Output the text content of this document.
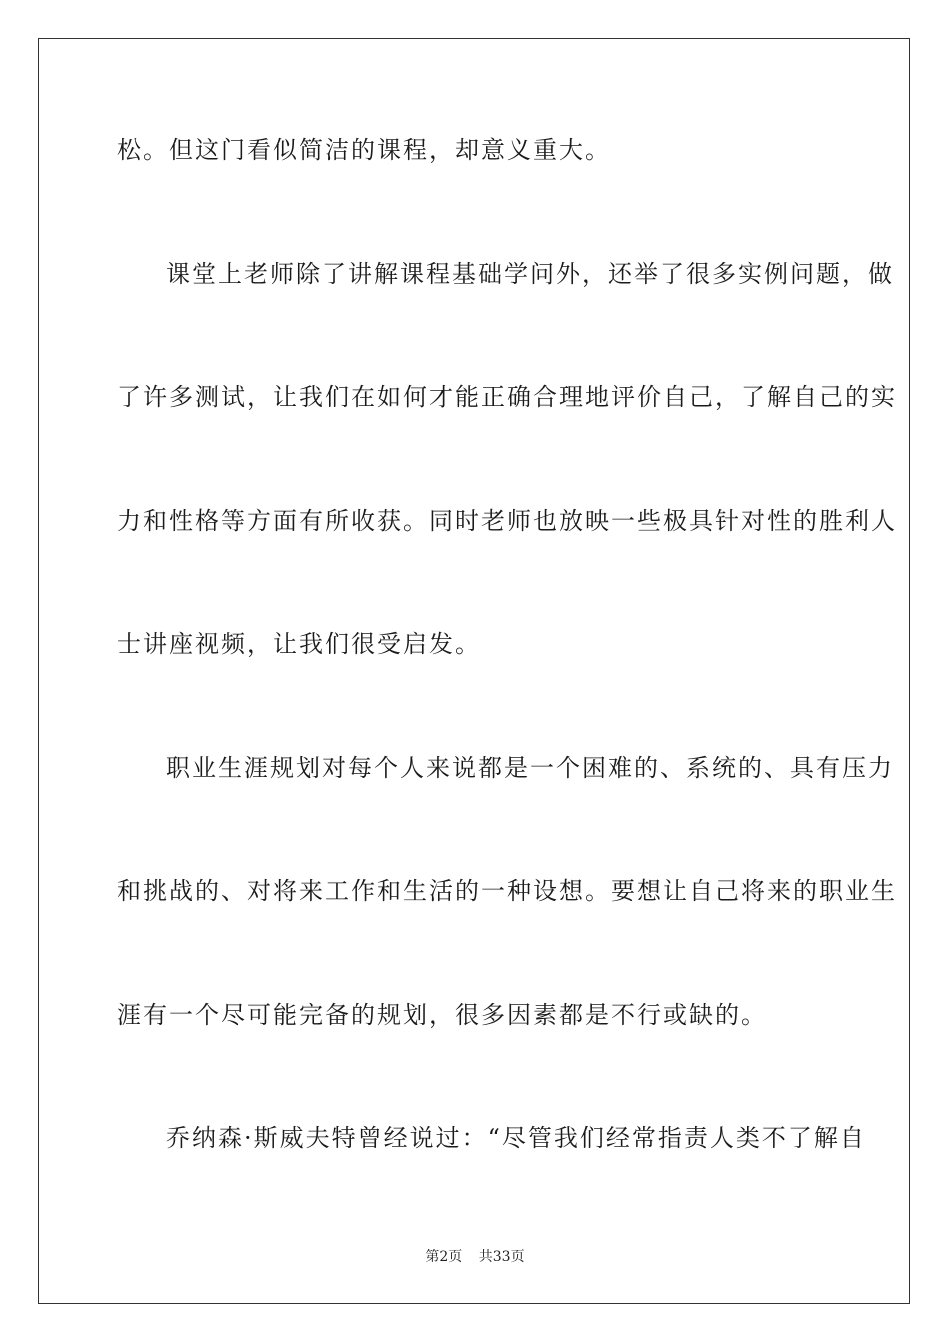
松。但这门看似简洁的课程，却意义重大。
课堂上老师除了讲解课程基础学问外，还举了很多实例问题，做
了许多测试，让我们在如何才能正确合理地评价自己，了解自己的实
力和性格等方面有所收获。同时老师也放映一些极具针对性的胜利人
士讲座视频，让我们很受启发。
职业生涯规划对每个人来说都是一个困难的、系统的、具有压力
和挑战的、对将来工作和生活的一种设想。要想让自己将来的职业生
涯有一个尽可能完备的规划，很多因素都是不行或缺的。
乔纳森·斯威夫特曾经说过：“尽管我们经常指责人类不了解自
第2页 共33页
